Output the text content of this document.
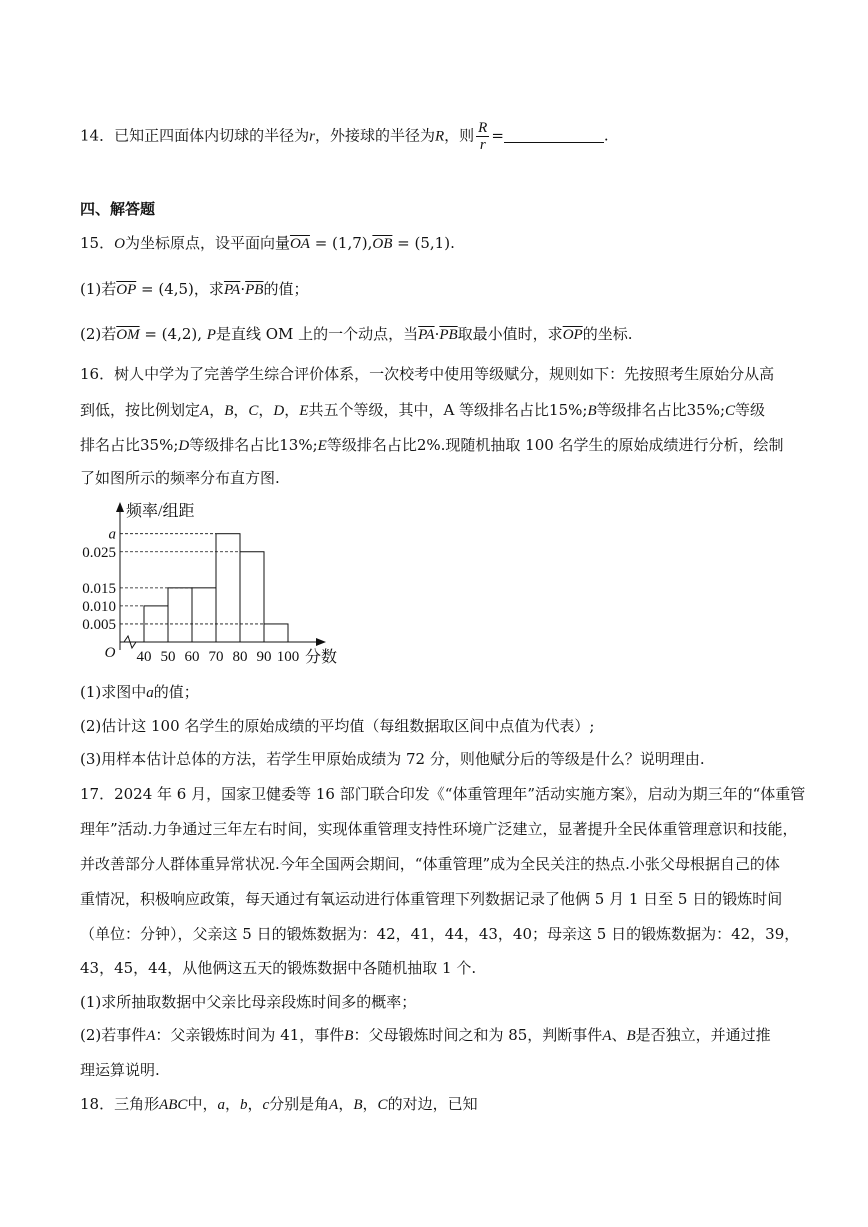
14．已知正四面体内切球的半径为r，外接球的半径为R，则 $\frac{R}{r}$ =	.
四、解答题
15．O为坐标原点，设平面向量$\overline{OA} = (1,7),\overline{OB} = (5,1)$.
(1)若$\overline{OP} = (4,5)$，求$\overline{PA}\cdot\overline{PB}$的值；
(2)若$\overline{OM} = (4,2)$, P是直线 OM 上的一个动点，当$\overline{PA}\cdot\overline{PB}$取最小值时，求$\overline{OP}$的坐标.
16．树人中学为了完善学生综合评价体系，一次校考中使用等级赋分，规则如下：先按照考生原始分从高
到低，按比例划定A，B，C，D，E共五个等级，其中，A 等级排名占比15%;B等级排名占比35%;C等级
排名占比35%;D等级排名占比13%;E等级排名占比2%.现随机抽取 100 名学生的原始成绩进行分析，绘制
了如图所示的频率分布直方图.
频率/组距
0.005
0.010
0.015
0.025
a
40 50 60 70 80 90 100
O	分数
(1)求图中a的值；
(2)估计这 100 名学生的原始成绩的平均值（每组数据取区间中点值为代表）;
(3)用样本估计总体的方法，若学生甲原始成绩为 72 分，则他赋分后的等级是什么？说明理由.
17．2024 年 6 月，国家卫健委等 16 部门联合印发《“体重管理年”活动实施方案》，启动为期三年的“体重管
理年”活动.力争通过三年左右时间，实现体重管理支持性环境广泛建立，显著提升全民体重管理意识和技能，
并改善部分人群体重异常状况.今年全国两会期间，“体重管理”成为全民关注的热点.小张父母根据自己的体
重情况，积极响应政策，每天通过有氧运动进行体重管理下列数据记录了他俩 5 月 1 日至 5 日的锻炼时间
（单位：分钟），父亲这 5 日的锻炼数据为：42，41，44，43，40；母亲这 5 日的锻炼数据为：42，39，
43，45，44，从他俩这五天的锻炼数据中各随机抽取 1 个.
(1)求所抽取数据中父亲比母亲段炼时间多的概率；
(2)若事件A：父亲锻炼时间为 41，事件B：父母锻炼时间之和为 85，判断事件A、B是否独立，并通过推
理运算说明.
18．三角形ABC中，a，b，c分别是角A，B，C的对边，已知
